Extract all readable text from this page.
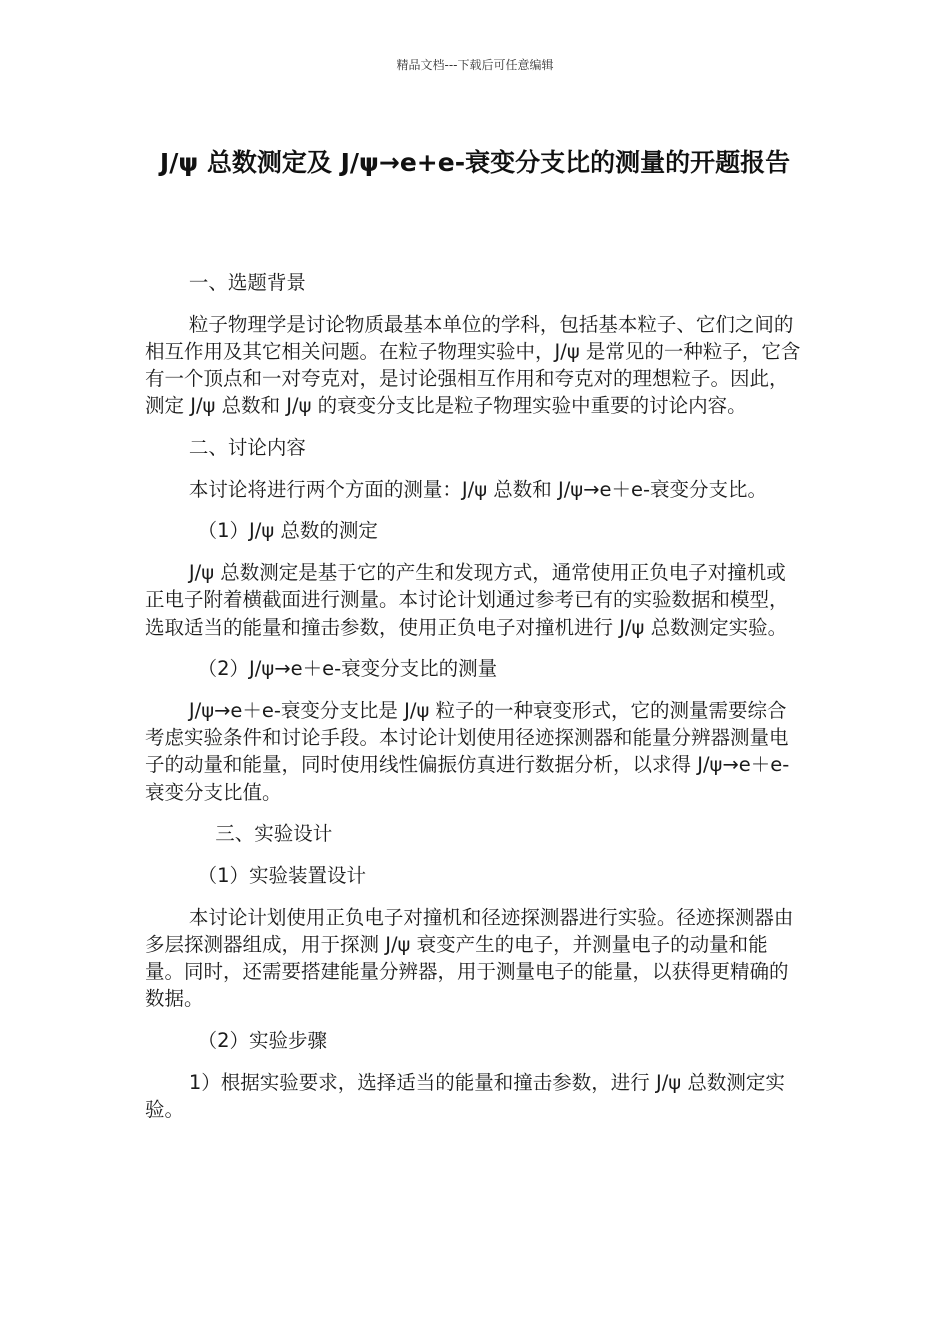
精品文档---下载后可任意编辑
J/ψ 总数测定及 J/ψ→e+e-衰变分支比的测量的开题报告

一、选题背景

粒子物理学是讨论物质最基本单位的学科，包括基本粒子、它们之间的相互作用及其它相关问题。在粒子物理实验中，J/ψ 是常见的一种粒子，它含有一个顶点和一对夸克对，是讨论强相互作用和夸克对的理想粒子。因此，测定 J/ψ 总数和 J/ψ 的衰变分支比是粒子物理实验中重要的讨论内容。

二、讨论内容

本讨论将进行两个方面的测量：J/ψ 总数和 J/ψ→e＋e-衰变分支比。

（1）J/ψ 总数的测定

J/ψ 总数测定是基于它的产生和发现方式，通常使用正负电子对撞机或正电子附着横截面进行测量。本讨论计划通过参考已有的实验数据和模型，选取适当的能量和撞击参数，使用正负电子对撞机进行 J/ψ 总数测定实验。

（2）J/ψ→e＋e-衰变分支比的测量

J/ψ→e＋e-衰变分支比是 J/ψ 粒子的一种衰变形式，它的测量需要综合考虑实验条件和讨论手段。本讨论计划使用径迹探测器和能量分辨器测量电子的动量和能量，同时使用线性偏振仿真进行数据分析，以求得 J/ψ→e＋e-衰变分支比值。

三、实验设计

（1）实验装置设计

本讨论计划使用正负电子对撞机和径迹探测器进行实验。径迹探测器由多层探测器组成，用于探测 J/ψ 衰变产生的电子，并测量电子的动量和能量。同时，还需要搭建能量分辨器，用于测量电子的能量，以获得更精确的数据。

（2）实验步骤

1）根据实验要求，选择适当的能量和撞击参数，进行 J/ψ 总数测定实验。
